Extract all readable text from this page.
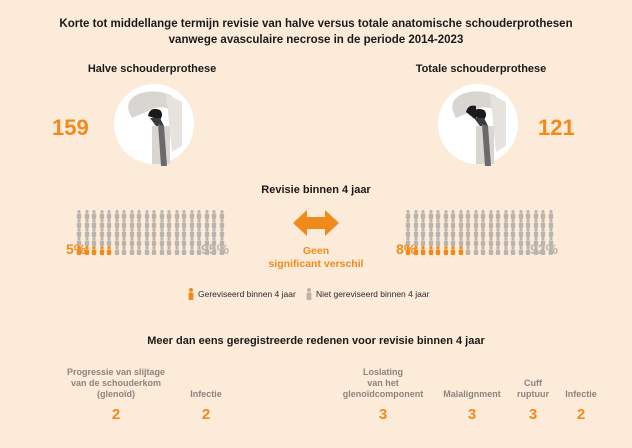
Korte tot middellange termijn revisie van halve versus totale anatomische schouderprothesen
vanwege avasculaire necrose in de periode 2014-2023
Halve schouderprothese
159
Totale schouderprothese
121
Revisie binnen 4 jaar
5%	95%	8%	92%
Geen
significant verschil
Gereviseerd binnen 4 jaar Niet gereviseerd binnen 4 jaar
Meer dan eens geregistreerde redenen voor revisie binnen 4 jaar
Progressie van slijtage
van de schouderkom
(glenoïd)
2
Infectie
2
Loslating
van het
glenoïdcomponent
3
Malalignment
3
Cuff
ruptuur
3
Infectie
2
